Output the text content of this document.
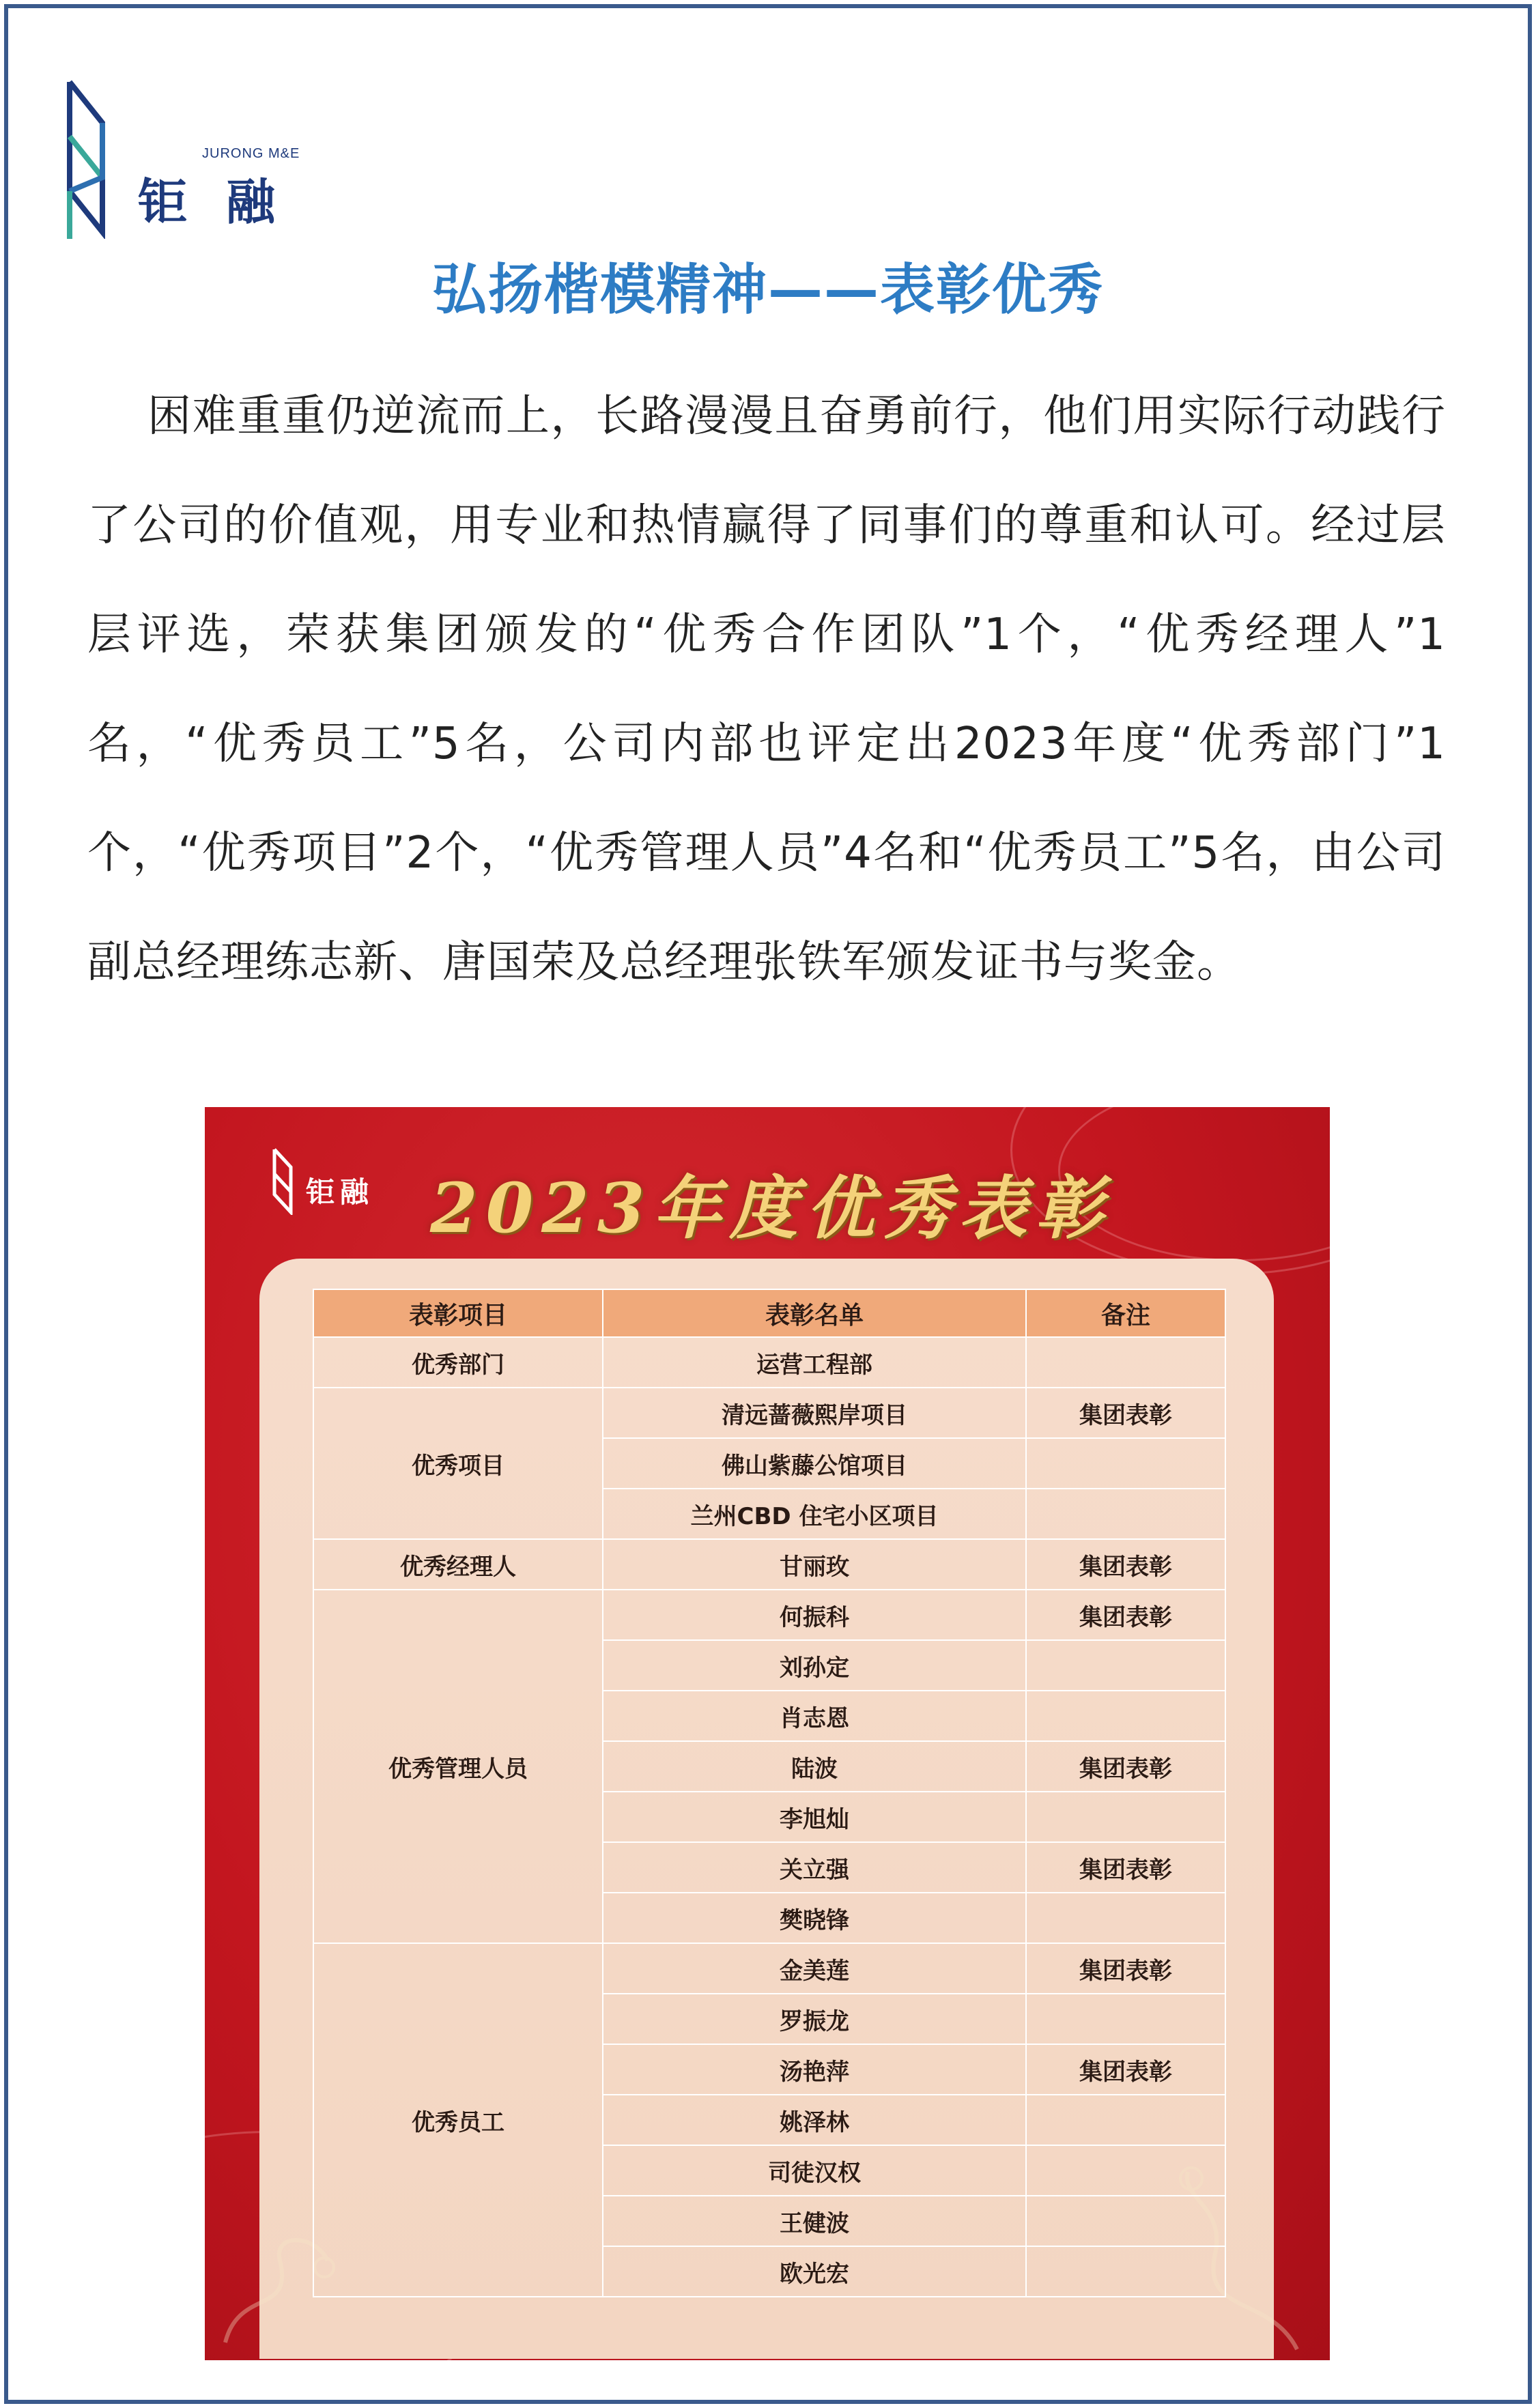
JURONG M&E
钜 融
弘扬楷模精神——表彰优秀

困难重重仍逆流而上，长路漫漫且奋勇前行，他们用实际行动践行了公司的价值观，用专业和热情赢得了同事们的尊重和认可。经过层层评选，荣获集团颁发的“优秀合作团队”1个，“优秀经理人”1名，“优秀员工”5名，公司内部也评定出2023年度“优秀部门”1个，“优秀项目”2个，“优秀管理人员”4名和“优秀员工”5名，由公司副总经理练志新、唐国荣及总经理张铁军颁发证书与奖金。

钜融 2023年度优秀表彰
表彰项目	表彰名单	备注
优秀部门	运营工程部	
优秀项目	清远蔷薇熙岸项目	集团表彰
	佛山紫藤公馆项目	
	兰州CBD 住宅小区项目	
优秀经理人	甘丽玫	集团表彰
优秀管理人员	何振科	集团表彰
	刘孙定	
	肖志恩	
	陆波	集团表彰
	李旭灿	
	关立强	集团表彰
	樊晓锋	
优秀员工	金美莲	集团表彰
	罗振龙	
	汤艳萍	集团表彰
	姚泽林	
	司徒汉权	
	王健波	
	欧光宏	
